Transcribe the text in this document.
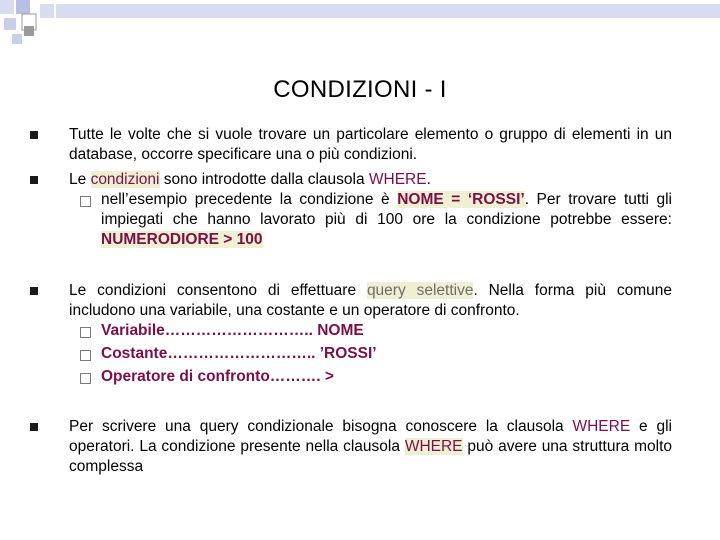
CONDIZIONI - I
Tutte le volte che si vuole trovare un particolare elemento o gruppo di elementi in un database, occorre specificare una o più condizioni.
Le condizioni sono introdotte dalla clausola WHERE.
nell’esempio precedente la condizione è NOME = ‘ROSSI’. Per trovare tutti gli impiegati che hanno lavorato più di 100 ore la condizione potrebbe essere: NUMERODIORE > 100
Le condizioni consentono di effettuare query selettive. Nella forma più comune includono una variabile, una costante e un operatore di confronto.
Variabile……………………….. NOME
Costante……………………….. ’ROSSI’
Operatore di confronto………. >
Per scrivere una query condizionale bisogna conoscere la clausola WHERE e gli operatori. La condizione presente nella clausola WHERE può avere una struttura molto complessa
